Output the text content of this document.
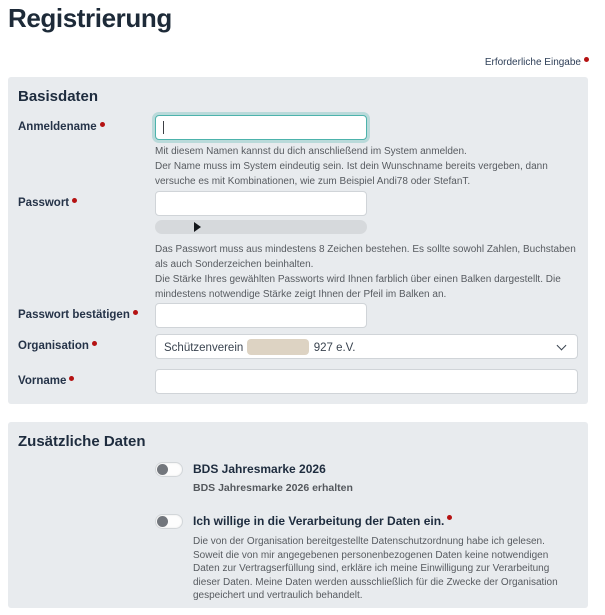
Registrierung
Erforderliche Eingabe
Basisdaten
Anmeldename
Mit diesem Namen kannst du dich anschließend im System anmelden.
Der Name muss im System eindeutig sein. Ist dein Wunschname bereits vergeben, dann versuche es mit Kombinationen, wie zum Beispiel Andi78 oder StefanT.
Passwort
Das Passwort muss aus mindestens 8 Zeichen bestehen. Es sollte sowohl Zahlen, Buchstaben als auch Sonderzeichen beinhalten.
Die Stärke Ihres gewählten Passworts wird Ihnen farblich über einen Balken dargestellt. Die mindestens notwendige Stärke zeigt Ihnen der Pfeil im Balken an.
Passwort bestätigen
Organisation	Schützenverein	927 e.V.
Vorname
Zusätzliche Daten
BDS Jahresmarke 2026
BDS Jahresmarke 2026 erhalten
Ich willige in die Verarbeitung der Daten ein.
Die von der Organisation bereitgestellte Datenschutzordnung habe ich gelesen. Soweit die von mir angegebenen personenbezogenen Daten keine notwendigen Daten zur Vertragserfüllung sind, erkläre ich meine Einwilligung zur Verarbeitung dieser Daten. Meine Daten werden ausschließlich für die Zwecke der Organisation gespeichert und vertraulich behandelt.
